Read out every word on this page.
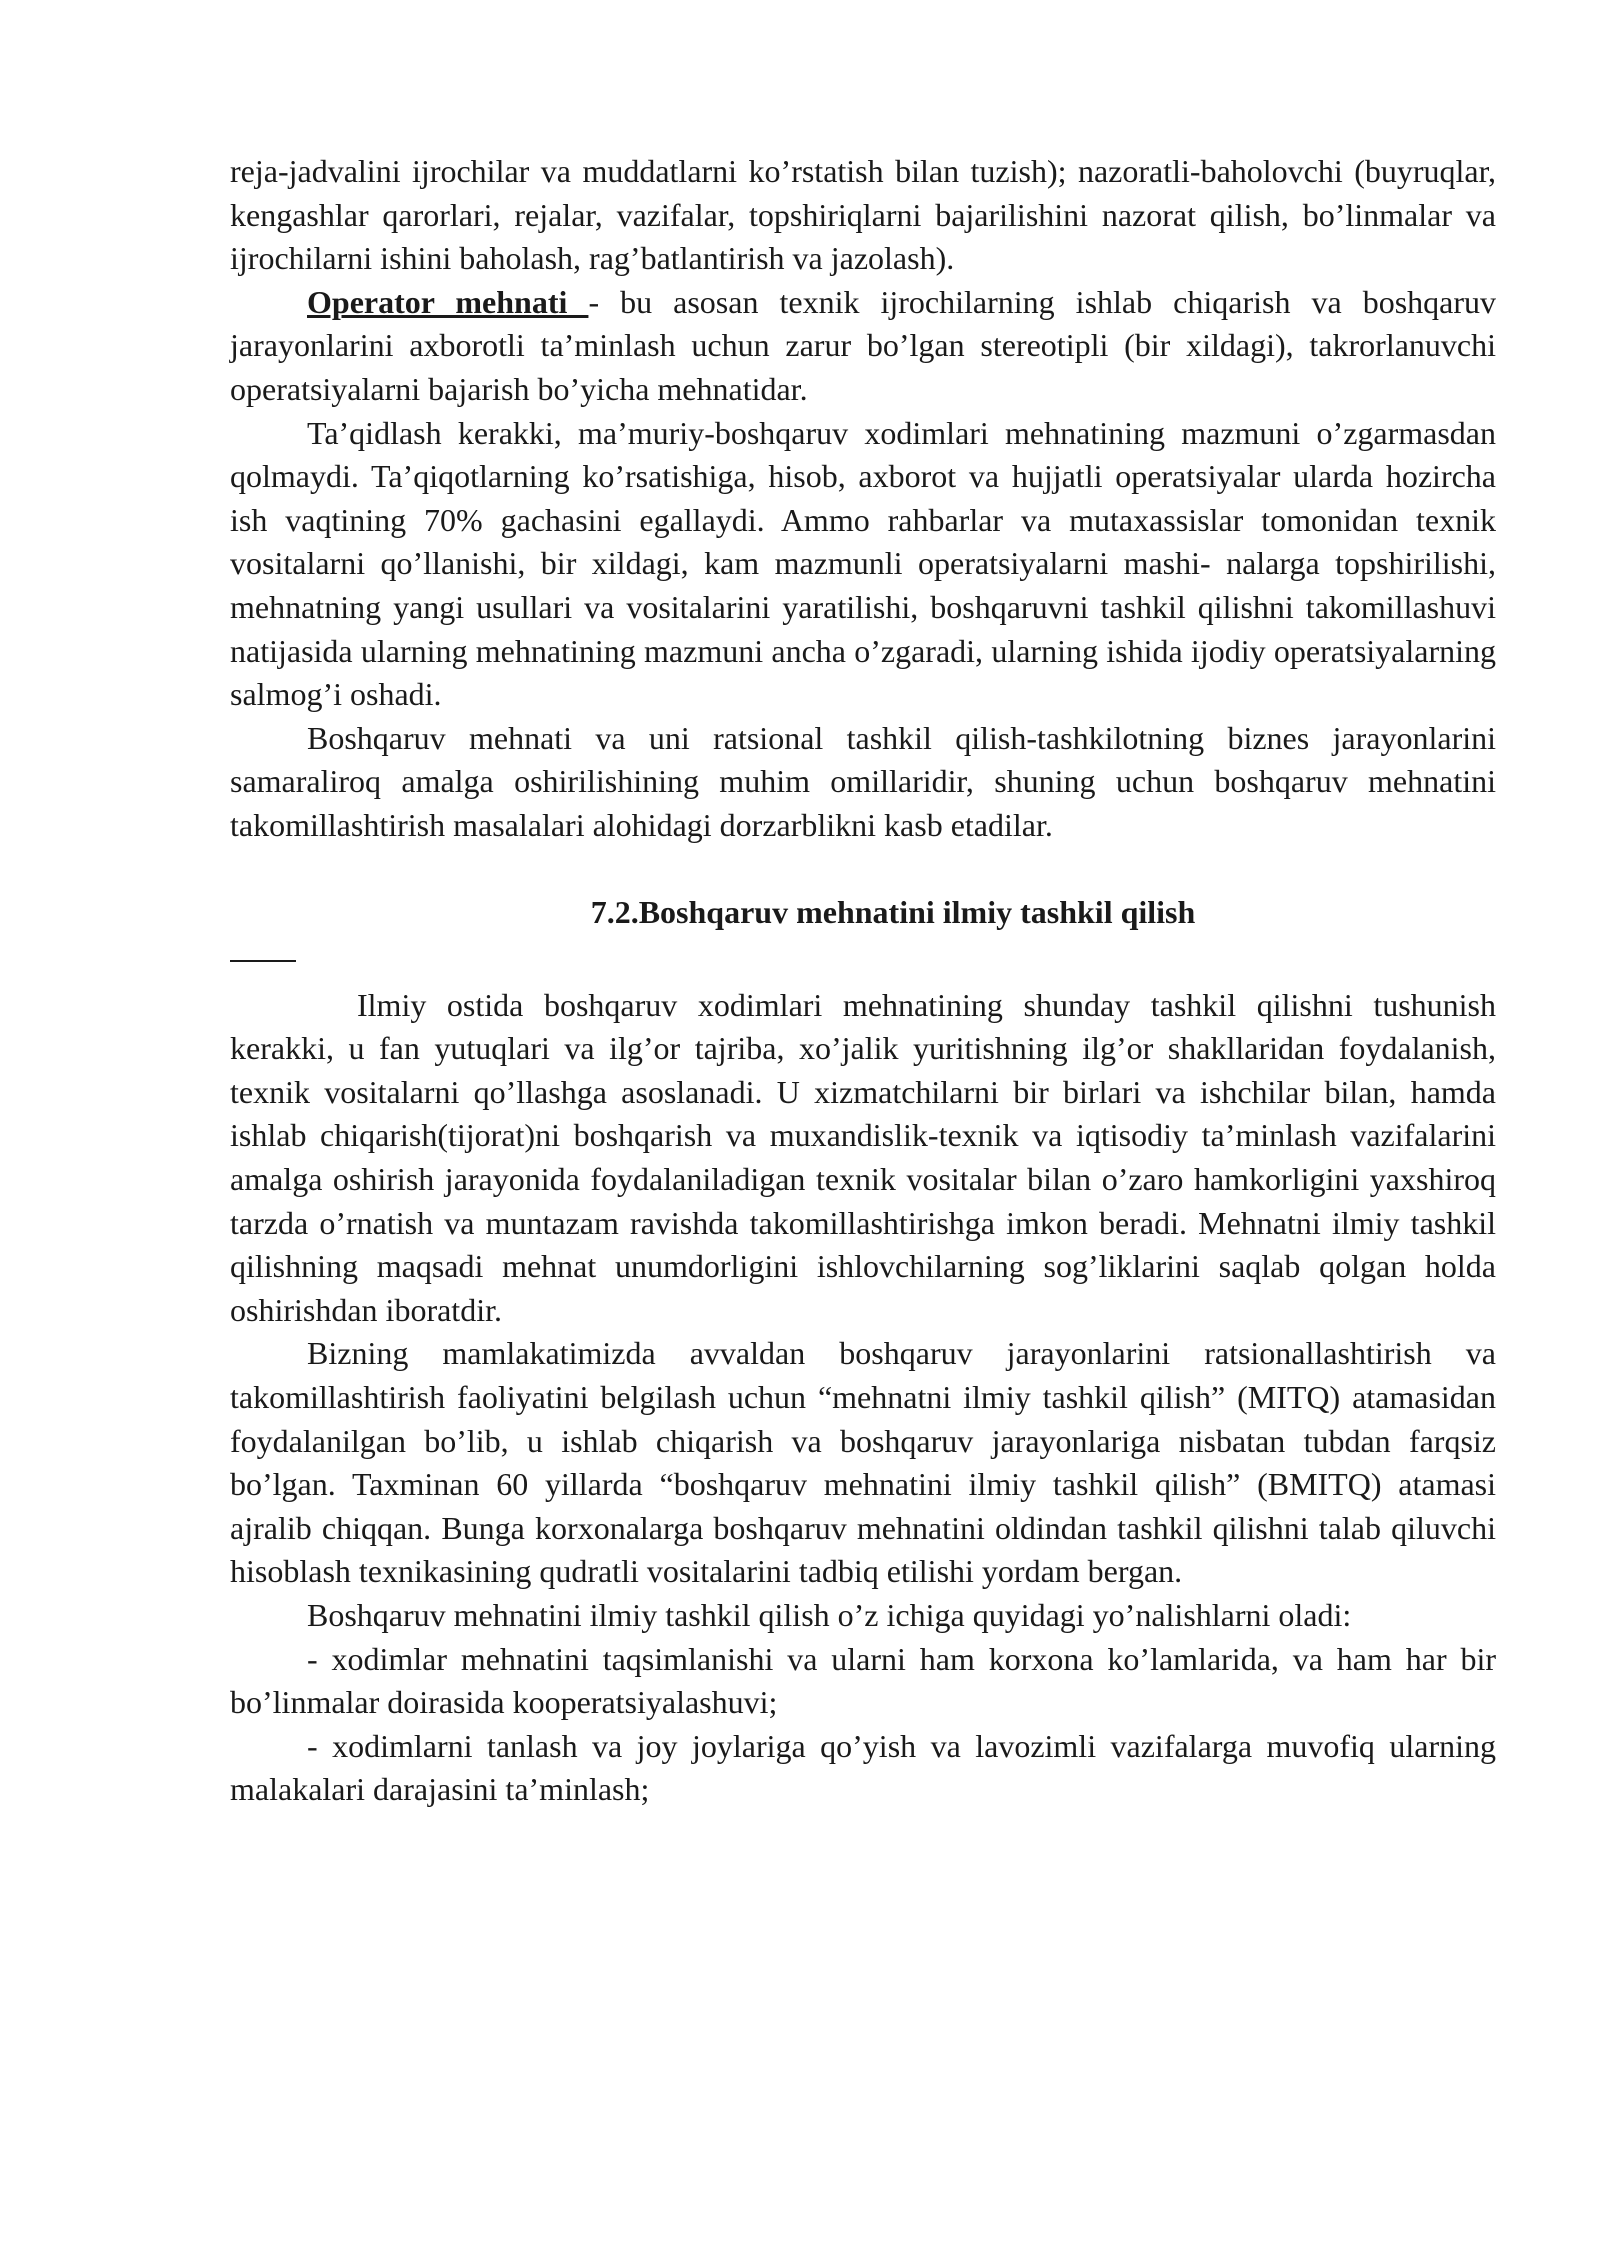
reja-jadvalini ijrochilar va muddatlarni ko’rstatish bilan tuzish); nazoratli-baholovchi (buyruqlar, kengashlar qarorlari, rejalar, vazifalar, topshiriqlarni bajarilishini nazorat qilish, bo’linmalar va ijrochilarni ishini baholash, rag’batlantirish va jazolash).

Operator mehnati - bu asosan texnik ijrochilarning ishlab chiqarish va boshqaruv jarayonlarini axborotli ta’minlash uchun zarur bo’lgan stereotipli (bir xildagi), takrorlanuvchi operatsiyalarni bajarish bo’yicha mehnatidar.

Ta’qidlash kerakki, ma’muriy-boshqaruv xodimlari mehnatining mazmuni o’zgarmasdan qolmaydi. Ta’qiqotlarning ko’rsatishiga, hisob, axborot va hujjatli operatsiyalar ularda hozircha ish vaqtining 70% gachasini egallaydi. Ammo rahbarlar va mutaxassislar tomonidan texnik vositalarni qo’llanishi, bir xildagi, kam mazmunli operatsiyalarni mashi- nalarga topshirilishi, mehnatning yangi usullari va vositalarini yaratilishi, boshqaruvni tashkil qilishni takomillashuvi natijasida ularning mehnatining mazmuni ancha o’zgaradi, ularning ishida ijodiy operatsiyalarning salmog’i oshadi.

Boshqaruv mehnati va uni ratsional tashkil qilish-tashkilotning biznes jarayonlarini samaraliroq amalga oshirilishining muhim omillaridir, shuning uchun boshqaruv mehnatini takomillashtirish masalalari alohidagi dorzarblikni kasb etadilar.

7.2.Boshqaruv mehnatini ilmiy tashkil qilish

Ilmiy ostida boshqaruv xodimlari mehnatining shunday tashkil qilishni tushunish kerakki, u fan yutuqlari va ilg’or tajriba, xo’jalik yuritishning ilg’or shakllaridan foydalanish, texnik vositalarni qo’llashga asoslanadi. U xizmatchilarni bir birlari va ishchilar bilan, hamda ishlab chiqarish(tijorat)ni boshqarish va muxandislik-texnik va iqtisodiy ta’minlash vazifalarini amalga oshirish jarayonida foydalaniladigan texnik vositalar bilan o’zaro hamkorligini yaxshiroq tarzda o’rnatish va muntazam ravishda takomillashtirishga imkon beradi. Mehnatni ilmiy tashkil qilishning maqsadi mehnat unumdorligini ishlovchilarning sog’liklarini saqlab qolgan holda oshirishdan iboratdir.

Bizning mamlakatimizda avvaldan boshqaruv jarayonlarini ratsionallashtirish va takomillashtirish faoliyatini belgilash uchun “mehnatni ilmiy tashkil qilish” (MITQ) atamasidan foydalanilgan bo’lib, u ishlab chiqarish va boshqaruv jarayonlariga nisbatan tubdan farqsiz bo’lgan. Taxminan 60 yillarda “boshqaruv mehnatini ilmiy tashkil qilish” (BMITQ) atamasi ajralib chiqqan. Bunga korxonalarga boshqaruv mehnatini oldindan tashkil qilishni talab qiluvchi hisoblash texnikasining qudratli vositalarini tadbiq etilishi yordam bergan.

Boshqaruv mehnatini ilmiy tashkil qilish o’z ichiga quyidagi yo’nalishlarni oladi:

- xodimlar mehnatini taqsimlanishi va ularni ham korxona ko’lamlarida, va ham har bir bo’linmalar doirasida kooperatsiyalashuvi;

- xodimlarni tanlash va joy joylariga qo’yish va lavozimli vazifalarga muvofiq ularning malakalari darajasini ta’minlash;
